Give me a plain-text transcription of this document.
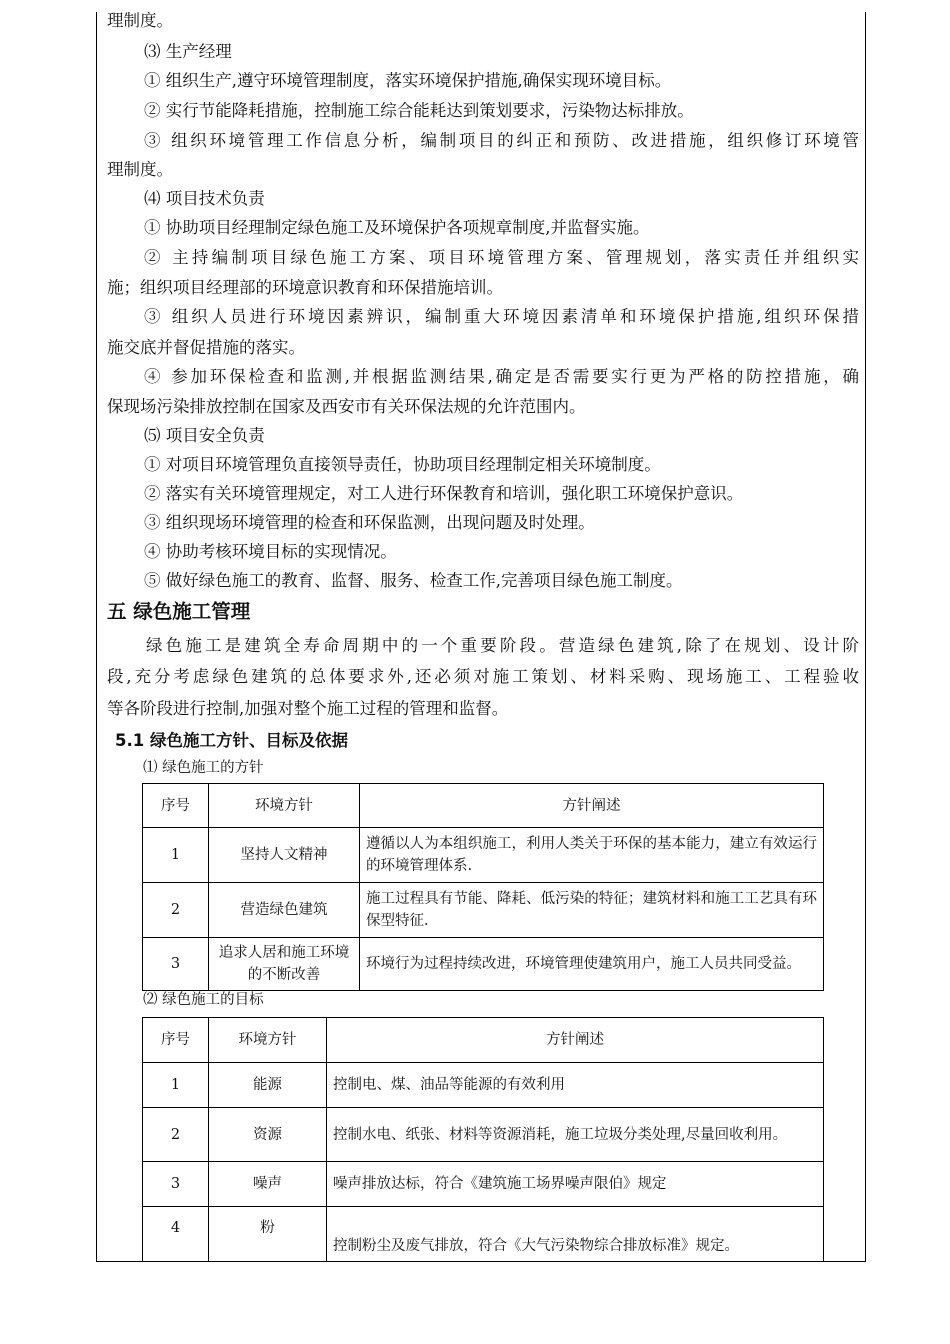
理制度。
⑶ 生产经理
① 组织生产,遵守环境管理制度，落实环境保护措施,确保实现环境目标。
② 实行节能降耗措施，控制施工综合能耗达到策划要求，污染物达标排放。
③ 组织环境管理工作信息分析，编制项目的纠正和预防、改进措施，组织修订环境管
理制度。
⑷ 项目技术负责
① 协助项目经理制定绿色施工及环境保护各项规章制度,并监督实施。
② 主持编制项目绿色施工方案、项目环境管理方案、管理规划，落实责任并组织实
施；组织项目经理部的环境意识教育和环保措施培训。
③ 组织人员进行环境因素辨识，编制重大环境因素清单和环境保护措施,组织环保措
施交底并督促措施的落实。
④ 参加环保检查和监测,并根据监测结果,确定是否需要实行更为严格的防控措施，确
保现场污染排放控制在国家及西安市有关环保法规的允许范围内。
⑸ 项目安全负责
① 对项目环境管理负直接领导责任，协助项目经理制定相关环境制度。
② 落实有关环境管理规定，对工人进行环保教育和培训，强化职工环境保护意识。
③ 组织现场环境管理的检查和环保监测，出现问题及时处理。
④ 协助考核环境目标的实现情况。
⑤ 做好绿色施工的教育、监督、服务、检查工作,完善项目绿色施工制度。
五 绿色施工管理
绿色施工是建筑全寿命周期中的一个重要阶段。营造绿色建筑,除了在规划、设计阶
段,充分考虑绿色建筑的总体要求外,还必须对施工策划、材料采购、现场施工、工程验收
等各阶段进行控制,加强对整个施工过程的管理和监督。
5.1 绿色施工方针、目标及依据
⑴ 绿色施工的方针
序号	环境方针	方针阐述
1	坚持人文精神	遵循以人为本组织施工，利用人类关于环保的基本能力，建立有效运行的环境管理体系.
2	营造绿色建筑	施工过程具有节能、降耗、低污染的特征；建筑材料和施工工艺具有环保型特征.
3	追求人居和施工环境的不断改善	环境行为过程持续改进，环境管理使建筑用户，施工人员共同受益。
⑵ 绿色施工的目标
序号	环境方针	方针阐述
1	能源	控制电、煤、油品等能源的有效利用
2	资源	控制水电、纸张、材料等资源消耗，施工垃圾分类处理,尽量回收利用。
3	噪声	噪声排放达标，符合《建筑施工场界噪声限伯》规定
4	粉	控制粉尘及废气排放，符合《大气污染物综合排放标准》规定。
